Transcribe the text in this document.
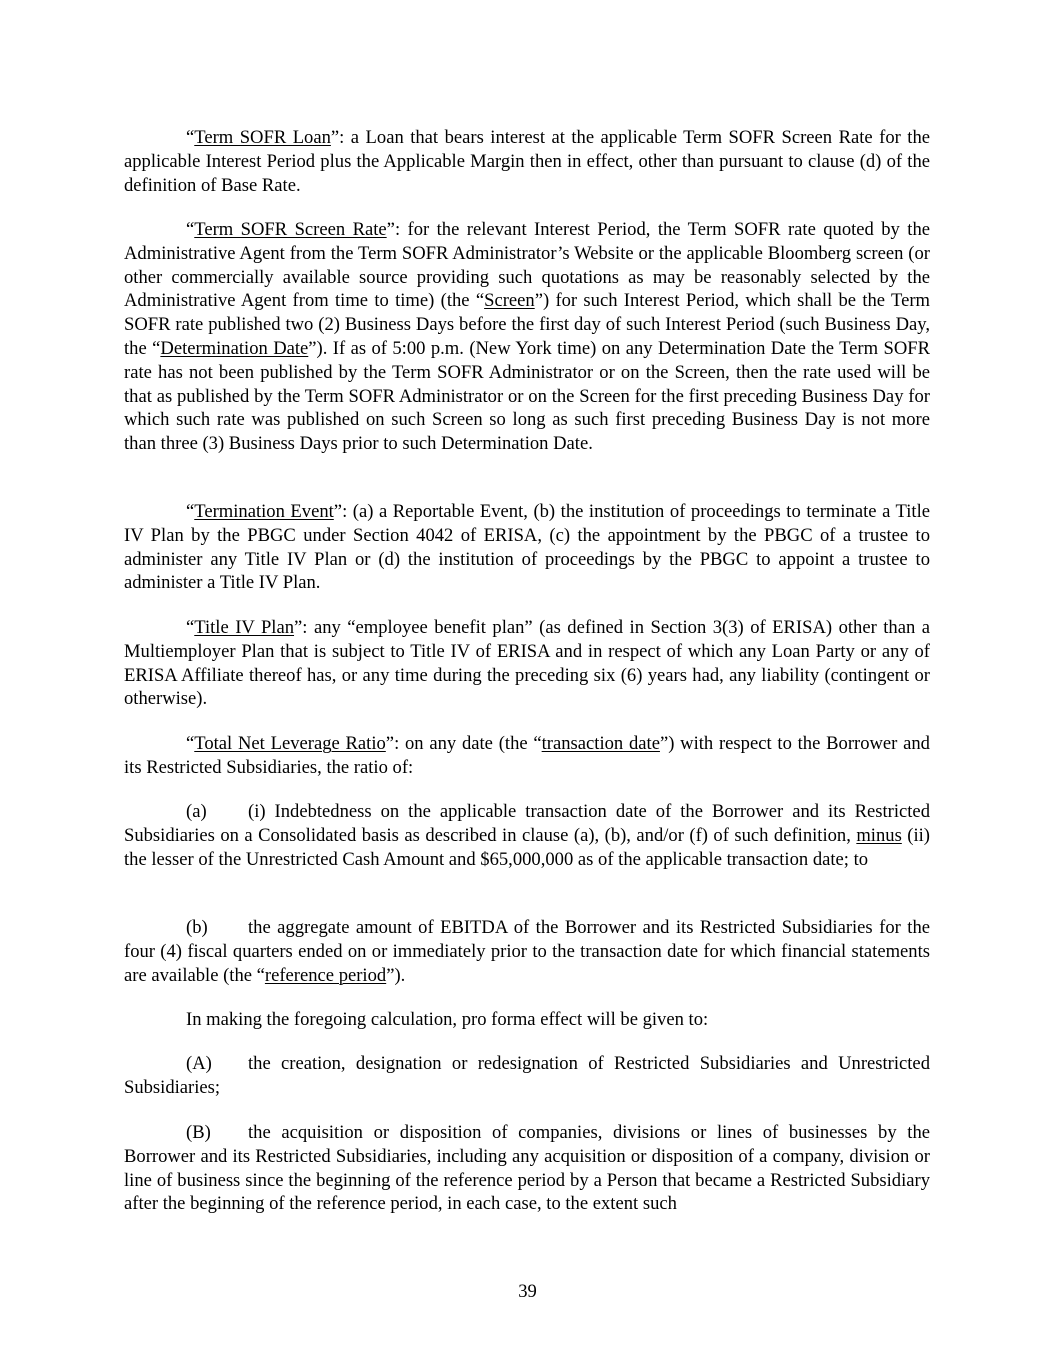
“Term SOFR Loan”: a Loan that bears interest at the applicable Term SOFR Screen Rate for the applicable Interest Period plus the Applicable Margin then in effect, other than pursuant to clause (d) of the definition of Base Rate.

“Term SOFR Screen Rate”: for the relevant Interest Period, the Term SOFR rate quoted by the Administrative Agent from the Term SOFR Administrator’s Website or the applicable Bloomberg screen (or other commercially available source providing such quotations as may be reasonably selected by the Administrative Agent from time to time) (the “Screen”) for such Interest Period, which shall be the Term SOFR rate published two (2) Business Days before the first day of such Interest Period (such Business Day, the “Determination Date”). If as of 5:00 p.m. (New York time) on any Determination Date the Term SOFR rate has not been published by the Term SOFR Administrator or on the Screen, then the rate used will be that as published by the Term SOFR Administrator or on the Screen for the first preceding Business Day for which such rate was published on such Screen so long as such first preceding Business Day is not more than three (3) Business Days prior to such Determination Date.

“Termination Event”: (a) a Reportable Event, (b) the institution of proceedings to terminate a Title IV Plan by the PBGC under Section 4042 of ERISA, (c) the appointment by the PBGC of a trustee to administer any Title IV Plan or (d) the institution of proceedings by the PBGC to appoint a trustee to administer a Title IV Plan.

“Title IV Plan”: any “employee benefit plan” (as defined in Section 3(3) of ERISA) other than a Multiemployer Plan that is subject to Title IV of ERISA and in respect of which any Loan Party or any of ERISA Affiliate thereof has, or any time during the preceding six (6) years had, any liability (contingent or otherwise).

“Total Net Leverage Ratio”: on any date (the “transaction date”) with respect to the Borrower and its Restricted Subsidiaries, the ratio of:

(a) (i) Indebtedness on the applicable transaction date of the Borrower and its Restricted Subsidiaries on a Consolidated basis as described in clause (a), (b), and/or (f) of such definition, minus (ii) the lesser of the Unrestricted Cash Amount and $65,000,000 as of the applicable transaction date; to

(b) the aggregate amount of EBITDA of the Borrower and its Restricted Subsidiaries for the four (4) fiscal quarters ended on or immediately prior to the transaction date for which financial statements are available (the “reference period”).

In making the foregoing calculation, pro forma effect will be given to:

(A) the creation, designation or redesignation of Restricted Subsidiaries and Unrestricted Subsidiaries;

(B) the acquisition or disposition of companies, divisions or lines of businesses by the Borrower and its Restricted Subsidiaries, including any acquisition or disposition of a company, division or line of business since the beginning of the reference period by a Person that became a Restricted Subsidiary after the beginning of the reference period, in each case, to the extent such

39
